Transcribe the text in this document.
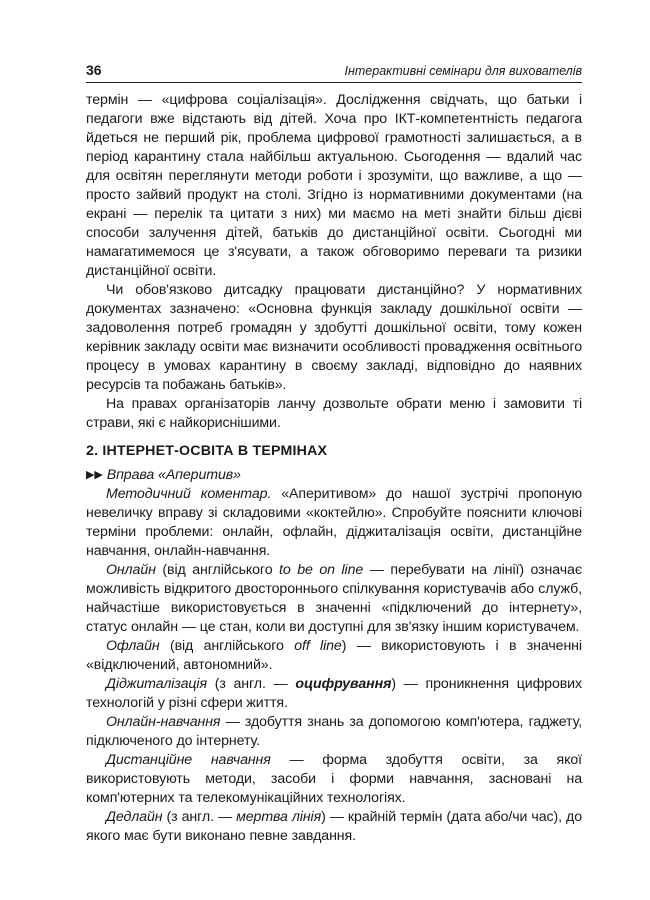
36	Інтерактивні семінари для вихователів

термін — «цифрова соціалізація». Дослідження свідчать, що батьки і педагоги вже відстають від дітей. Хоча про ІКТ-компетентність педагога йдеться не перший рік, проблема цифрової грамотності залишається, а в період карантину стала найбільш актуальною. Сьогодення — вдалий час для освітян переглянути методи роботи і зрозуміти, що важливе, а що — просто зайвий продукт на столі. Згідно із нормативними документами (на екрані — перелік та цитати з них) ми маємо на меті знайти більш дієві способи залучення дітей, батьків до дистанційної освіти. Сьогодні ми намагатимемося це з'ясувати, а також обговоримо переваги та ризики дистанційної освіти.

Чи обов'язково дитсадку працювати дистанційно? У нормативних документах зазначено: «Основна функція закладу дошкільної освіти — задоволення потреб громадян у здобутті дошкільної освіти, тому кожен керівник закладу освіти має визначити особливості провадження освітнього процесу в умовах карантину в своєму закладі, відповідно до наявних ресурсів та побажань батьків».

На правах організаторів ланчу дозвольте обрати меню і замовити ті страви, які є найкориснішими.

2. ІНТЕРНЕТ-ОСВІТА В ТЕРМІНАХ

▶▶ Вправа «Аперитив»

Методичний коментар. «Аперитивом» до нашої зустрічі пропоную невеличку вправу зі складовими «коктейлю». Спробуйте пояснити ключові терміни проблеми: онлайн, офлайн, діджиталізація освіти, дистанційне навчання, онлайн-навчання.

Онлайн (від англійського to be on line — перебувати на лінії) означає можливість відкритого двостороннього спілкування користувачів або служб, найчастіше використовується в значенні «підключений до інтернету», статус онлайн — це стан, коли ви доступні для зв'язку іншим користувачем.

Офлайн (від англійського off line) — використовують і в значенні «відключений, автономний».

Діджиталізація (з англ. — оцифрування) — проникнення цифрових технологій у різні сфери життя.

Онлайн-навчання — здобуття знань за допомогою комп'ютера, гаджету, підключеного до інтернету.

Дистанційне навчання — форма здобуття освіти, за якої використовують методи, засоби і форми навчання, засновані на комп'ютерних та телекомунікаційних технологіях.

Дедлайн (з англ. — мертва лінія) — крайній термін (дата або/чи час), до якого має бути виконано певне завдання.
